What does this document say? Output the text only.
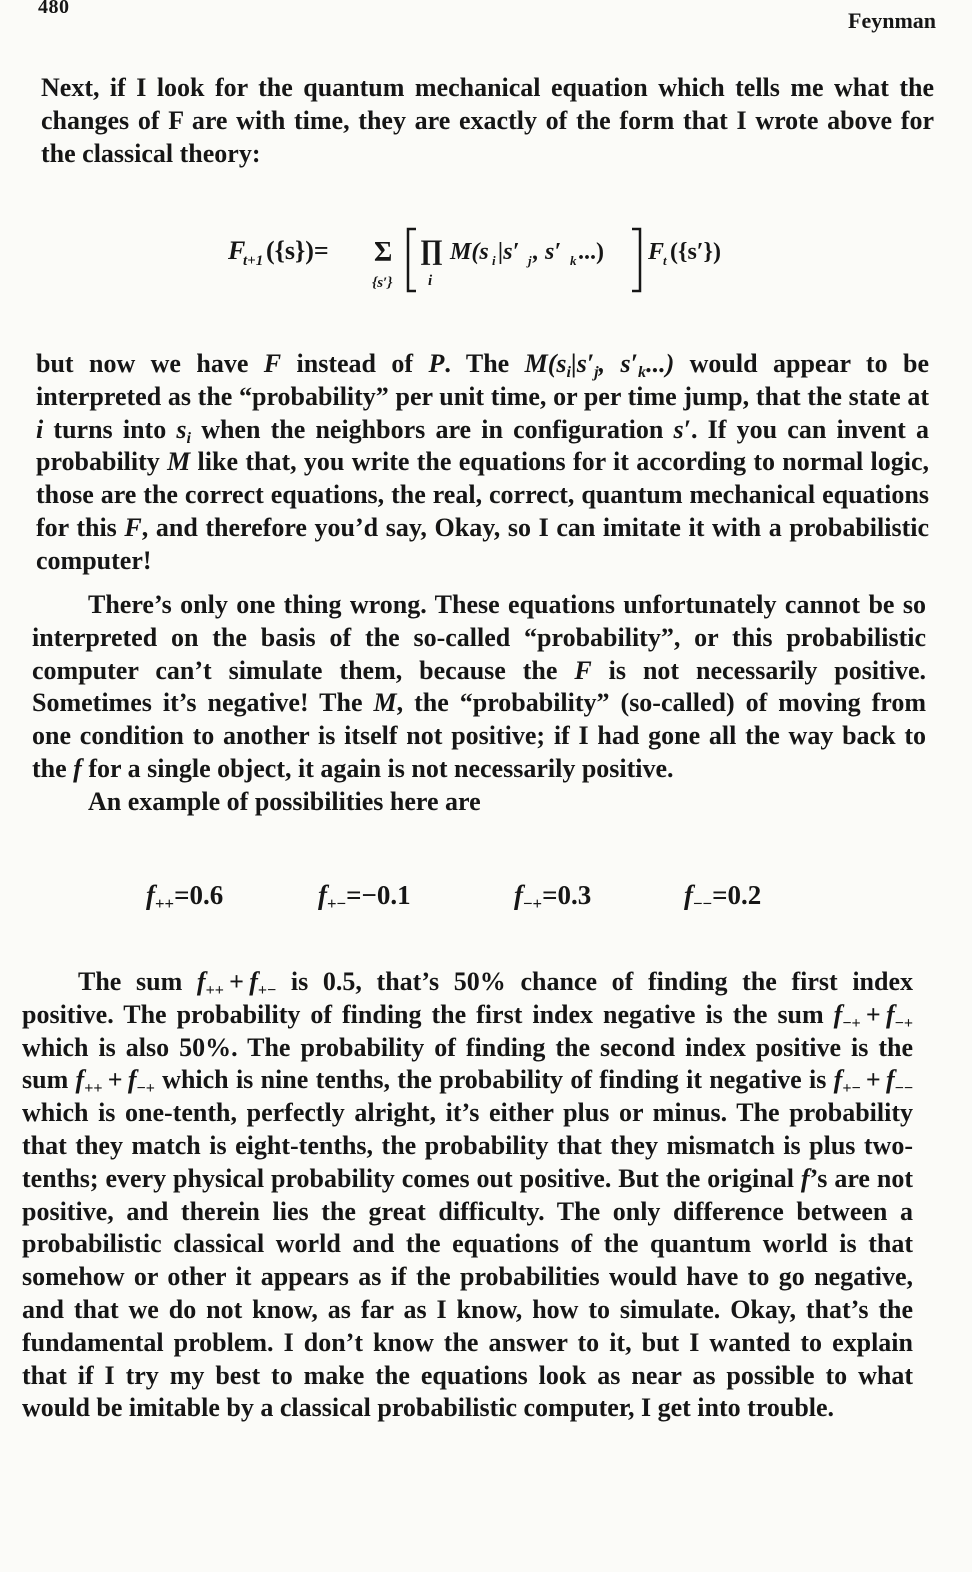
480
Feynman

Next, if I look for the quantum mechanical equation which tells me what the changes of F are with time, they are exactly of the form that I wrote above for the classical theory:

F
t+1 ({s})= Σ
{s′}
∏
i
M(s i |s′ j , s′ k ...) F
t ({s′})

but now we have F instead of P. The $M(s_i|s'_j$, $s'_k$...) would appear to be interpreted as the “probability” per unit time, or per time jump, that the state at i turns into $s_i$ when the neighbors are in configuration s′. If you can invent a probability M like that, you write the equations for it according to normal logic, those are the correct equations, the real, correct, quantum mechanical equations for this F, and therefore you’d say, Okay, so I can imitate it with a probabilistic computer!

There’s only one thing wrong. These equations unfortunately cannot be so interpreted on the basis of the so-called “probability”, or this probabilistic computer can’t simulate them, because the F is not necessarily positive. Sometimes it’s negative! The M, the “probability” (so-called) of moving from one condition to another is itself not positive; if I had gone all the way back to the f for a single object, it again is not necessarily positive.
An example of possibilities here are

$f_{++}=0.6$	$f_{+-}=-0.1$	$f_{-+}=0.3$	$f_{--}=0.2$

The sum $f_{++} + f_{+-}$ is 0.5, that’s 50% chance of finding the first index positive. The probability of finding the first index negative is the sum $f_{-+} + f_{-+}$ which is also 50%. The probability of finding the second index positive is the sum $f_{++} + f_{-+}$ which is nine tenths, the probability of finding it negative is $f_{+-} + f_{--}$ which is one-tenth, perfectly alright, it’s either plus or minus. The probability that they match is eight-tenths, the probability that they mismatch is plus two-tenths; every physical probability comes out positive. But the original f’s are not positive, and therein lies the great difficulty. The only difference between a probabilistic classical world and the equations of the quantum world is that somehow or other it appears as if the probabilities would have to go negative, and that we do not know, as far as I know, how to simulate. Okay, that’s the fundamental problem. I don’t know the answer to it, but I wanted to explain that if I try my best to make the equations look as near as possible to what would be imitable by a classical probabilistic computer, I get into trouble.
